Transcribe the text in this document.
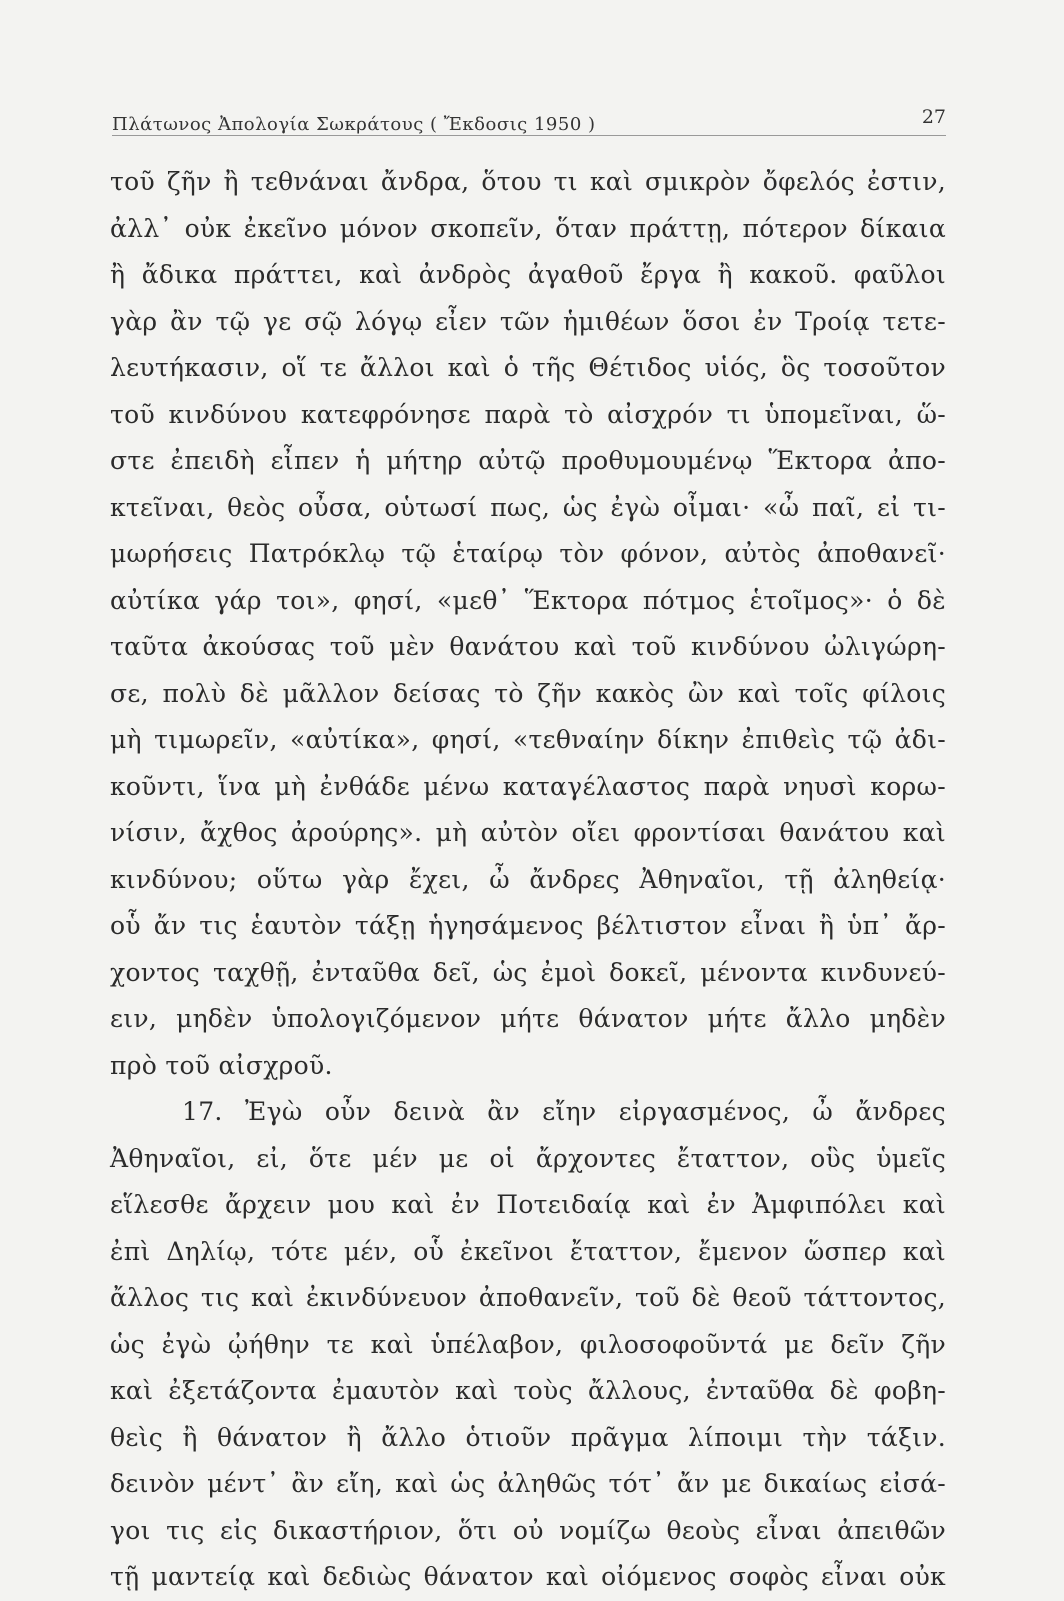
Πλάτωνος Ἀπολογία Σωκράτους ( Ἔκδοσις 1950 )	27
τοῦ ζῆν ἢ τεθνάναι ἄνδρα, ὅτου τι καὶ σμικρὸν ὄφελός ἐστιν,
ἀλλ᾽ οὐκ ἐκεῖνο μόνον σκοπεῖν, ὅταν πράττῃ, πότερον δίκαια
ἢ ἄδικα πράττει, καὶ ἀνδρὸς ἀγαθοῦ ἔργα ἢ κακοῦ. φαῦλοι
γὰρ ἂν τῷ γε σῷ λόγῳ εἶεν τῶν ἡμιθέων ὅσοι ἐν Τροίᾳ τετε-
λευτήκασιν, οἵ τε ἄλλοι καὶ ὁ τῆς Θέτιδος υἱός, ὃς τοσοῦτον
τοῦ κινδύνου κατεφρόνησε παρὰ τὸ αἰσχρόν τι ὑπομεῖναι, ὥ-
στε ἐπειδὴ εἶπεν ἡ μήτηρ αὐτῷ προθυμουμένῳ Ἕκτορα ἀπο-
κτεῖναι, θεὸς οὖσα, οὑτωσί πως, ὡς ἐγὼ οἶμαι· «ὦ παῖ, εἰ τι-
μωρήσεις Πατρόκλῳ τῷ ἑταίρῳ τὸν φόνον, αὐτὸς ἀποθανεῖ·
αὐτίκα γάρ τοι», φησί, «μεθ᾽ Ἕκτορα πότμος ἑτοῖμος»· ὁ δὲ
ταῦτα ἀκούσας τοῦ μὲν θανάτου καὶ τοῦ κινδύνου ὠλιγώρη-
σε, πολὺ δὲ μᾶλλον δείσας τὸ ζῆν κακὸς ὢν καὶ τοῖς φίλοις
μὴ τιμωρεῖν, «αὐτίκα», φησί, «τεθναίην δίκην ἐπιθεὶς τῷ ἀδι-
κοῦντι, ἵνα μὴ ἐνθάδε μένω καταγέλαστος παρὰ νηυσὶ κορω-
νίσιν, ἄχθος ἀρούρης». μὴ αὐτὸν οἴει φροντίσαι θανάτου καὶ
κινδύνου; οὕτω γὰρ ἔχει, ὦ ἄνδρες Ἀθηναῖοι, τῇ ἀληθείᾳ·
οὗ ἄν τις ἑαυτὸν τάξῃ ἡγησάμενος βέλτιστον εἶναι ἢ ὑπ᾽ ἄρ-
χοντος ταχθῇ, ἐνταῦθα δεῖ, ὡς ἐμοὶ δοκεῖ, μένοντα κινδυνεύ-
ειν, μηδὲν ὑπολογιζόμενον μήτε θάνατον μήτε ἄλλο μηδὲν
πρὸ τοῦ αἰσχροῦ.
17. Ἐγὼ οὖν δεινὰ ἂν εἴην εἰργασμένος, ὦ ἄνδρες
Ἀθηναῖοι, εἰ, ὅτε μέν με οἱ ἄρχοντες ἔταττον, οὓς ὑμεῖς
εἵλεσθε ἄρχειν μου καὶ ἐν Ποτειδαίᾳ καὶ ἐν Ἀμφιπόλει καὶ
ἐπὶ Δηλίῳ, τότε μέν, οὗ ἐκεῖνοι ἔταττον, ἔμενον ὥσπερ καὶ
ἄλλος τις καὶ ἐκινδύνευον ἀποθανεῖν, τοῦ δὲ θεοῦ τάττοντος,
ὡς ἐγὼ ᾠήθην τε καὶ ὑπέλαβον, φιλοσοφοῦντά με δεῖν ζῆν
καὶ ἐξετάζοντα ἐμαυτὸν καὶ τοὺς ἄλλους, ἐνταῦθα δὲ φοβη-
θεὶς ἢ θάνατον ἢ ἄλλο ὁτιοῦν πρᾶγμα λίποιμι τὴν τάξιν.
δεινὸν μέντ᾽ ἂν εἴη, καὶ ὡς ἀληθῶς τότ᾽ ἄν με δικαίως εἰσά-
γοι τις εἰς δικαστήριον, ὅτι οὐ νομίζω θεοὺς εἶναι ἀπειθῶν
τῇ μαντείᾳ καὶ δεδιὼς θάνατον καὶ οἰόμενος σοφὸς εἶναι οὐκ
